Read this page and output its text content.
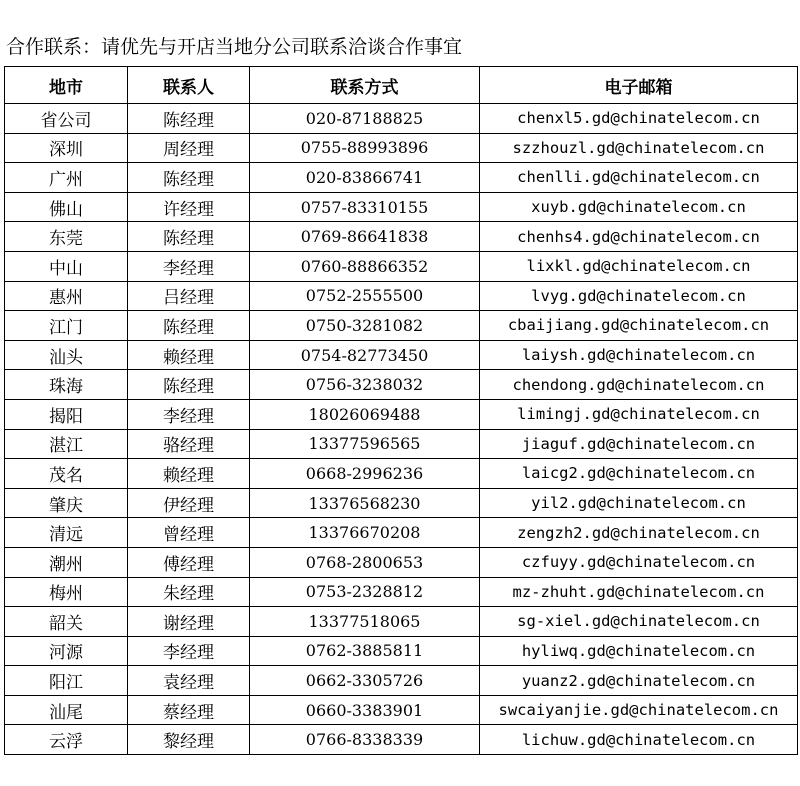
合作联系：请优先与开店当地分公司联系洽谈合作事宜
地市	联系人	联系方式	电子邮箱
省公司	陈经理	020-87188825	chenxl5.gd@chinatelecom.cn
深圳	周经理	0755-88993896	szzhouzl.gd@chinatelecom.cn
广州	陈经理	020-83866741	chenlli.gd@chinatelecom.cn
佛山	许经理	0757-83310155	xuyb.gd@chinatelecom.cn
东莞	陈经理	0769-86641838	chenhs4.gd@chinatelecom.cn
中山	李经理	0760-88866352	lixkl.gd@chinatelecom.cn
惠州	吕经理	0752-2555500	lvyg.gd@chinatelecom.cn
江门	陈经理	0750-3281082	cbaijiang.gd@chinatelecom.cn
汕头	赖经理	0754-82773450	laiysh.gd@chinatelecom.cn
珠海	陈经理	0756-3238032	chendong.gd@chinatelecom.cn
揭阳	李经理	18026069488	limingj.gd@chinatelecom.cn
湛江	骆经理	13377596565	jiaguf.gd@chinatelecom.cn
茂名	赖经理	0668-2996236	laicg2.gd@chinatelecom.cn
肇庆	伊经理	13376568230	yil2.gd@chinatelecom.cn
清远	曾经理	13376670208	zengzh2.gd@chinatelecom.cn
潮州	傅经理	0768-2800653	czfuyy.gd@chinatelecom.cn
梅州	朱经理	0753-2328812	mz-zhuht.gd@chinatelecom.cn
韶关	谢经理	13377518065	sg-xiel.gd@chinatelecom.cn
河源	李经理	0762-3885811	hyliwq.gd@chinatelecom.cn
阳江	袁经理	0662-3305726	yuanz2.gd@chinatelecom.cn
汕尾	蔡经理	0660-3383901	swcaiyanjie.gd@chinatelecom.cn
云浮	黎经理	0766-8338339	lichuw.gd@chinatelecom.cn
